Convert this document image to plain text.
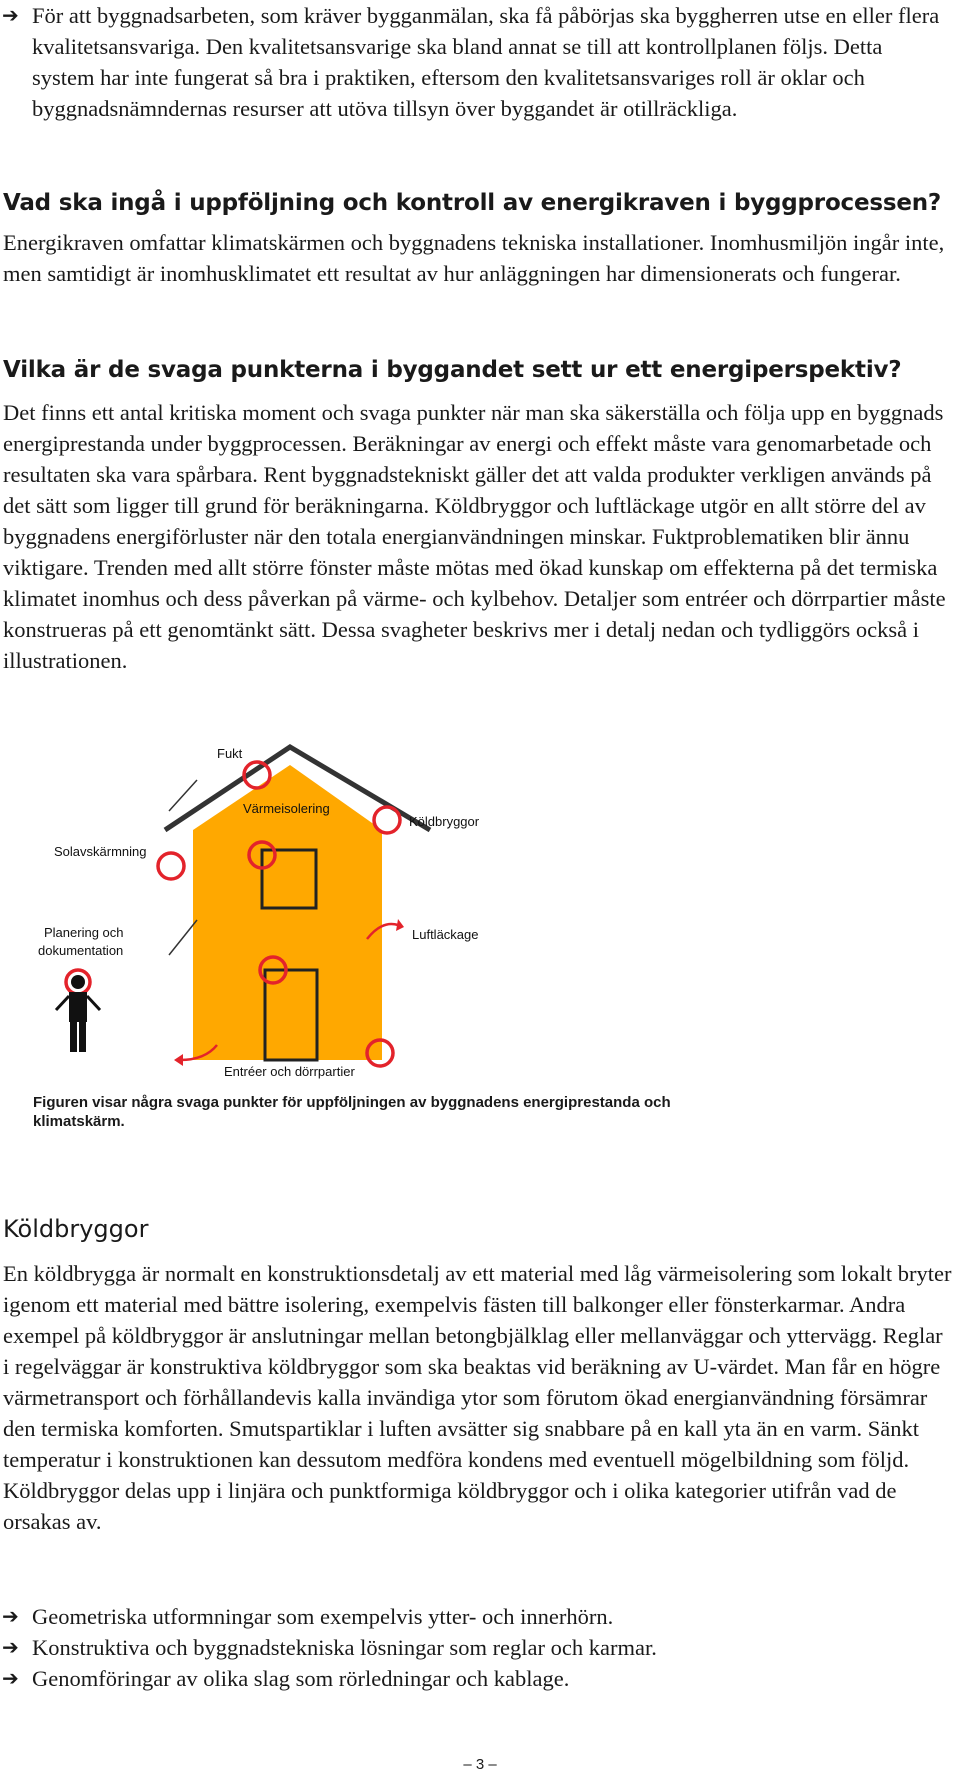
➔ För att byggnadsarbeten, som kräver bygganmälan, ska få påbörjas ska byggherren utse en eller flera kvalitetsansvariga. Den kvalitetsansvarige ska bland annat se till att kontrollplanen följs. Detta system har inte fungerat så bra i praktiken, eftersom den kvalitetsansvariges roll är oklar och byggnadsnämndernas resurser att utöva tillsyn över byggandet är otillräckliga.
Vad ska ingå i uppföljning och kontroll av energikraven i byggprocessen?

Energikraven omfattar klimatskärmen och byggnadens tekniska installationer. Inomhusmiljön ingår inte, men samtidigt är inomhusklimatet ett resultat av hur anläggningen har dimensionerats och fungerar.

Vilka är de svaga punkterna i byggandet sett ur ett energiperspektiv?

Det finns ett antal kritiska moment och svaga punkter när man ska säkerställa och följa upp en byggnads energiprestanda under byggprocessen. Beräkningar av energi och effekt måste vara genomarbetade och resultaten ska vara spårbara. Rent byggnadstekniskt gäller det att valda produkter verkligen används på det sätt som ligger till grund för beräkningarna. Köldbryggor och luftläckage utgör en allt större del av byggnadens energiförluster när den totala energianvändningen minskar. Fuktproblematiken blir ännu viktigare. Trenden med allt större fönster måste mötas med ökad kunskap om effekterna på det termiska klimatet inomhus och dess påverkan på värme- och kylbehov. Detaljer som entréer och dörrpartier måste konstrueras på ett genomtänkt sätt. Dessa svagheter beskrivs mer i detalj nedan och tydliggörs också i illustrationen.

Fukt
Värmeisolering
Köldbryggor
Solavskärmning
Planering och
dokumentation
Luftläckage
Entréer och dörrpartier
Figuren visar några svaga punkter för uppföljningen av byggnadens energiprestanda och klimatskärm.
Köldbryggor

En köldbrygga är normalt en konstruktionsdetalj av ett material med låg värmeisolering som lokalt bryter igenom ett material med bättre isolering, exempelvis fästen till balkonger eller fönsterkarmar. Andra exempel på köldbryggor är anslutningar mellan betongbjälklag eller mellanväggar och yttervägg. Reglar i regelväggar är konstruktiva köldbryggor som ska beaktas vid beräkning av U-värdet. Man får en högre värmetransport och förhållandevis kalla invändiga ytor som förutom ökad energianvändning försämrar den termiska komforten. Smutspartiklar i luften avsätter sig snabbare på en kall yta än en varm. Sänkt temperatur i konstruktionen kan dessutom medföra kondens med eventuell mögelbildning som följd. Köldbryggor delas upp i linjära och punktformiga köldbryggor och i olika kategorier utifrån vad de orsakas av.

➔ Geometriska utformningar som exempelvis ytter- och innerhörn.
➔ Konstruktiva och byggnadstekniska lösningar som reglar och karmar.
➔ Genomföringar av olika slag som rörledningar och kablage.
– 3 –
